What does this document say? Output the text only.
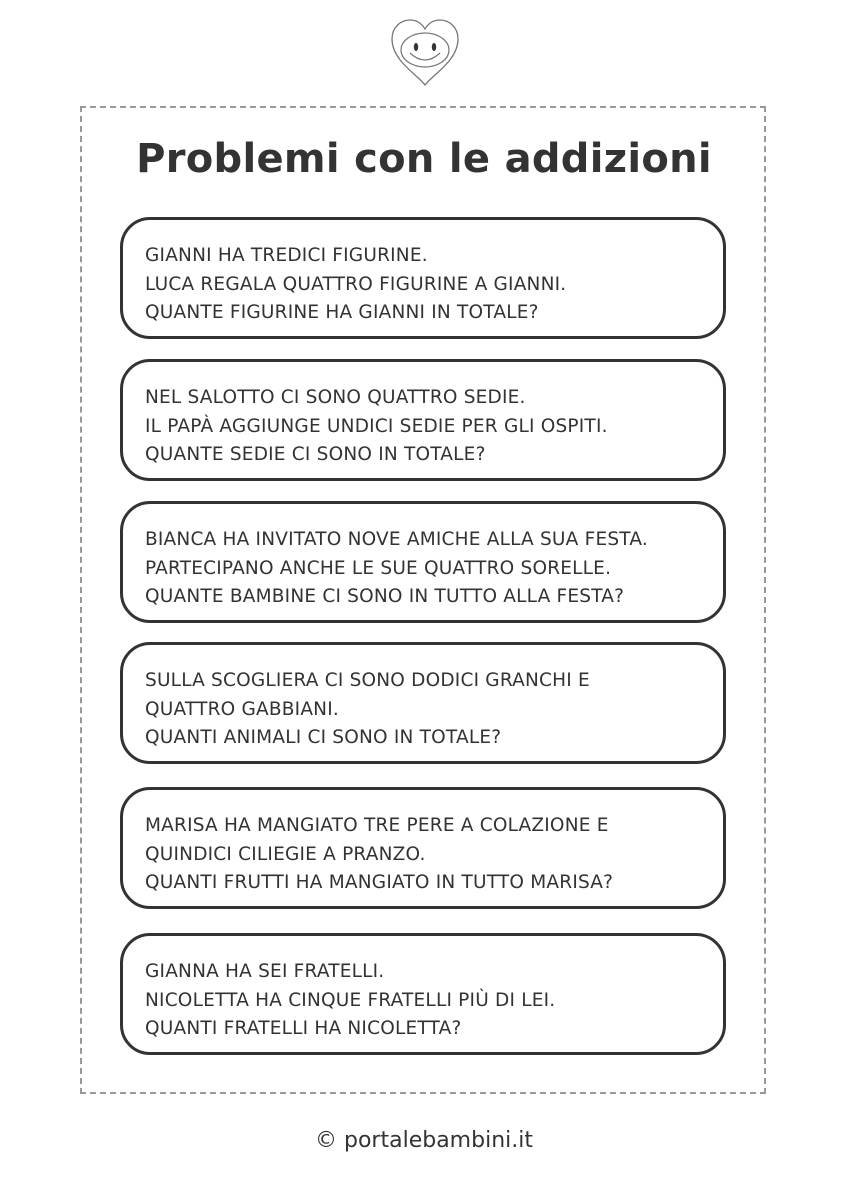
Problemi con le addizioni
GIANNI HA TREDICI FIGURINE.
LUCA REGALA QUATTRO FIGURINE A GIANNI.
QUANTE FIGURINE HA GIANNI IN TOTALE?
NEL SALOTTO CI SONO QUATTRO SEDIE.
IL PAPÀ AGGIUNGE UNDICI SEDIE PER GLI OSPITI.
QUANTE SEDIE CI SONO IN TOTALE?
BIANCA HA INVITATO NOVE AMICHE ALLA SUA FESTA.
PARTECIPANO ANCHE LE SUE QUATTRO SORELLE.
QUANTE BAMBINE CI SONO IN TUTTO ALLA FESTA?
SULLA SCOGLIERA CI SONO DODICI GRANCHI E
QUATTRO GABBIANI.
QUANTI ANIMALI CI SONO IN TOTALE?
MARISA HA MANGIATO TRE PERE A COLAZIONE E
QUINDICI CILIEGIE A PRANZO.
QUANTI FRUTTI HA MANGIATO IN TUTTO MARISA?
GIANNA HA SEI FRATELLI.
NICOLETTA HA CINQUE FRATELLI PIÙ DI LEI.
QUANTI FRATELLI HA NICOLETTA?
© portalebambini.it
